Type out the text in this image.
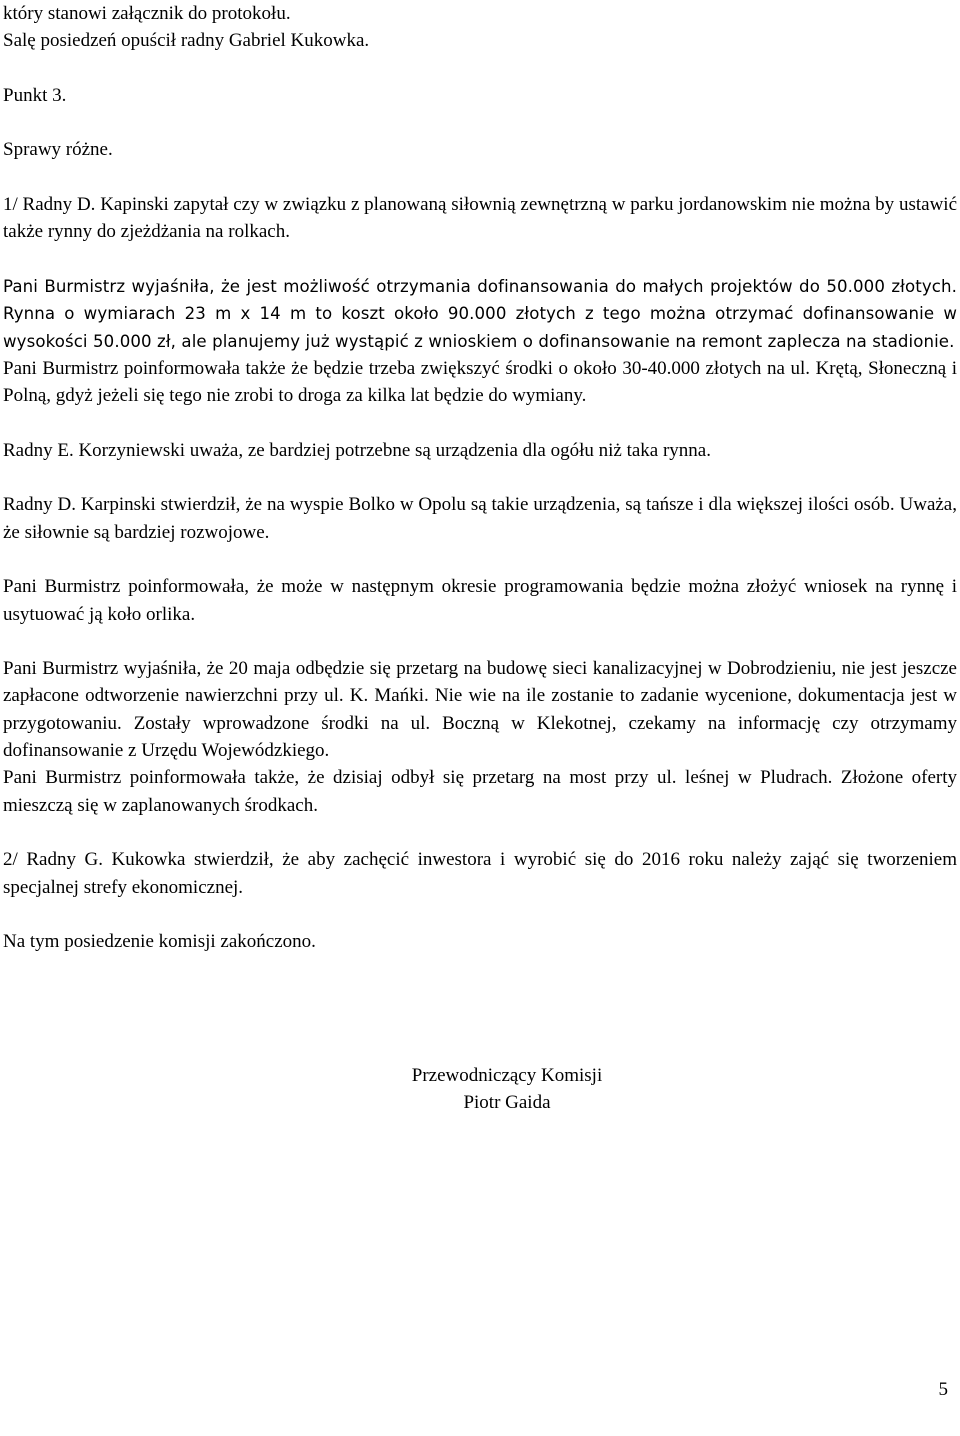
który stanowi załącznik do protokołu.

Salę posiedzeń opuścił radny Gabriel Kukowka.

Punkt 3.

Sprawy różne.

1/ Radny D. Kapinski zapytał czy w związku z planowaną siłownią zewnętrzną w parku jordanowskim nie można by ustawić także rynny do zjeżdżania na rolkach.

Pani Burmistrz wyjaśniła, że jest możliwość otrzymania dofinansowania do małych projektów do 50.000 złotych. Rynna o wymiarach 23 m x 14 m to koszt około 90.000 złotych z tego można otrzymać dofinansowanie w wysokości 50.000 zł, ale planujemy już wystąpić z wnioskiem o dofinansowanie na remont zaplecza na stadionie.

Pani Burmistrz poinformowała także że będzie trzeba zwiększyć środki o około 30-40.000 złotych na ul. Krętą, Słoneczną i Polną, gdyż jeżeli się tego nie zrobi to droga za kilka lat będzie do wymiany.

Radny E. Korzyniewski uważa, ze bardziej potrzebne są urządzenia dla ogółu niż taka rynna.

Radny D. Karpinski stwierdził, że na wyspie Bolko w Opolu są takie urządzenia, są tańsze i dla większej ilości osób. Uważa, że siłownie są bardziej rozwojowe.

Pani Burmistrz poinformowała, że może w następnym okresie programowania będzie można złożyć wniosek na rynnę i usytuować ją koło orlika.

Pani Burmistrz wyjaśniła, że 20 maja odbędzie się przetarg na budowę sieci kanalizacyjnej w Dobrodzieniu, nie jest jeszcze zapłacone odtworzenie nawierzchni przy ul. K. Mańki. Nie wie na ile zostanie to zadanie wycenione, dokumentacja jest w przygotowaniu. Zostały wprowadzone środki na ul. Boczną w Klekotnej, czekamy na informację czy otrzymamy dofinansowanie z Urzędu Wojewódzkiego.

Pani Burmistrz poinformowała także, że dzisiaj odbył się przetarg na most przy ul. leśnej w Pludrach. Złożone oferty mieszczą się w zaplanowanych środkach.

2/ Radny G. Kukowka stwierdził, że aby zachęcić inwestora i wyrobić się do 2016 roku należy zająć się tworzeniem specjalnej strefy ekonomicznej.

Na tym posiedzenie komisji zakończono.

Przewodniczący Komisji
Piotr Gaida
5
